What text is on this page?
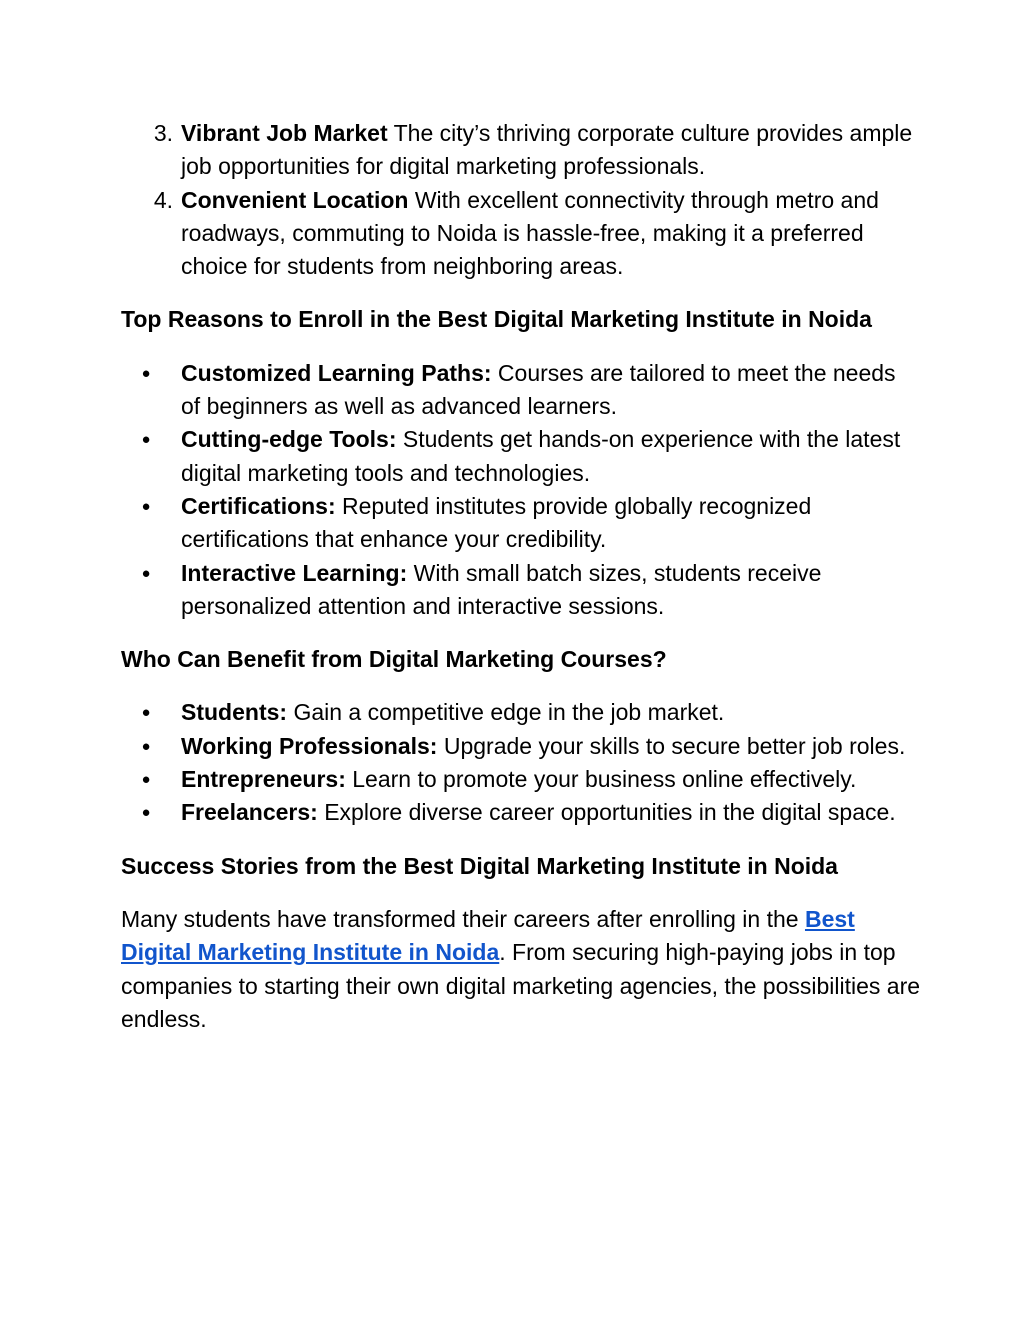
3. Vibrant Job Market The city’s thriving corporate culture provides ample job opportunities for digital marketing professionals.
4. Convenient Location With excellent connectivity through metro and roadways, commuting to Noida is hassle-free, making it a preferred choice for students from neighboring areas.
Top Reasons to Enroll in the Best Digital Marketing Institute in Noida
● Customized Learning Paths: Courses are tailored to meet the needs of beginners as well as advanced learners.
● Cutting-edge Tools: Students get hands-on experience with the latest digital marketing tools and technologies.
● Certifications: Reputed institutes provide globally recognized certifications that enhance your credibility.
● Interactive Learning: With small batch sizes, students receive personalized attention and interactive sessions.
Who Can Benefit from Digital Marketing Courses?
● Students: Gain a competitive edge in the job market.
● Working Professionals: Upgrade your skills to secure better job roles.
● Entrepreneurs: Learn to promote your business online effectively.
● Freelancers: Explore diverse career opportunities in the digital space.
Success Stories from the Best Digital Marketing Institute in Noida

Many students have transformed their careers after enrolling in the Best Digital Marketing Institute in Noida. From securing high-paying jobs in top companies to starting their own digital marketing agencies, the possibilities are endless.
